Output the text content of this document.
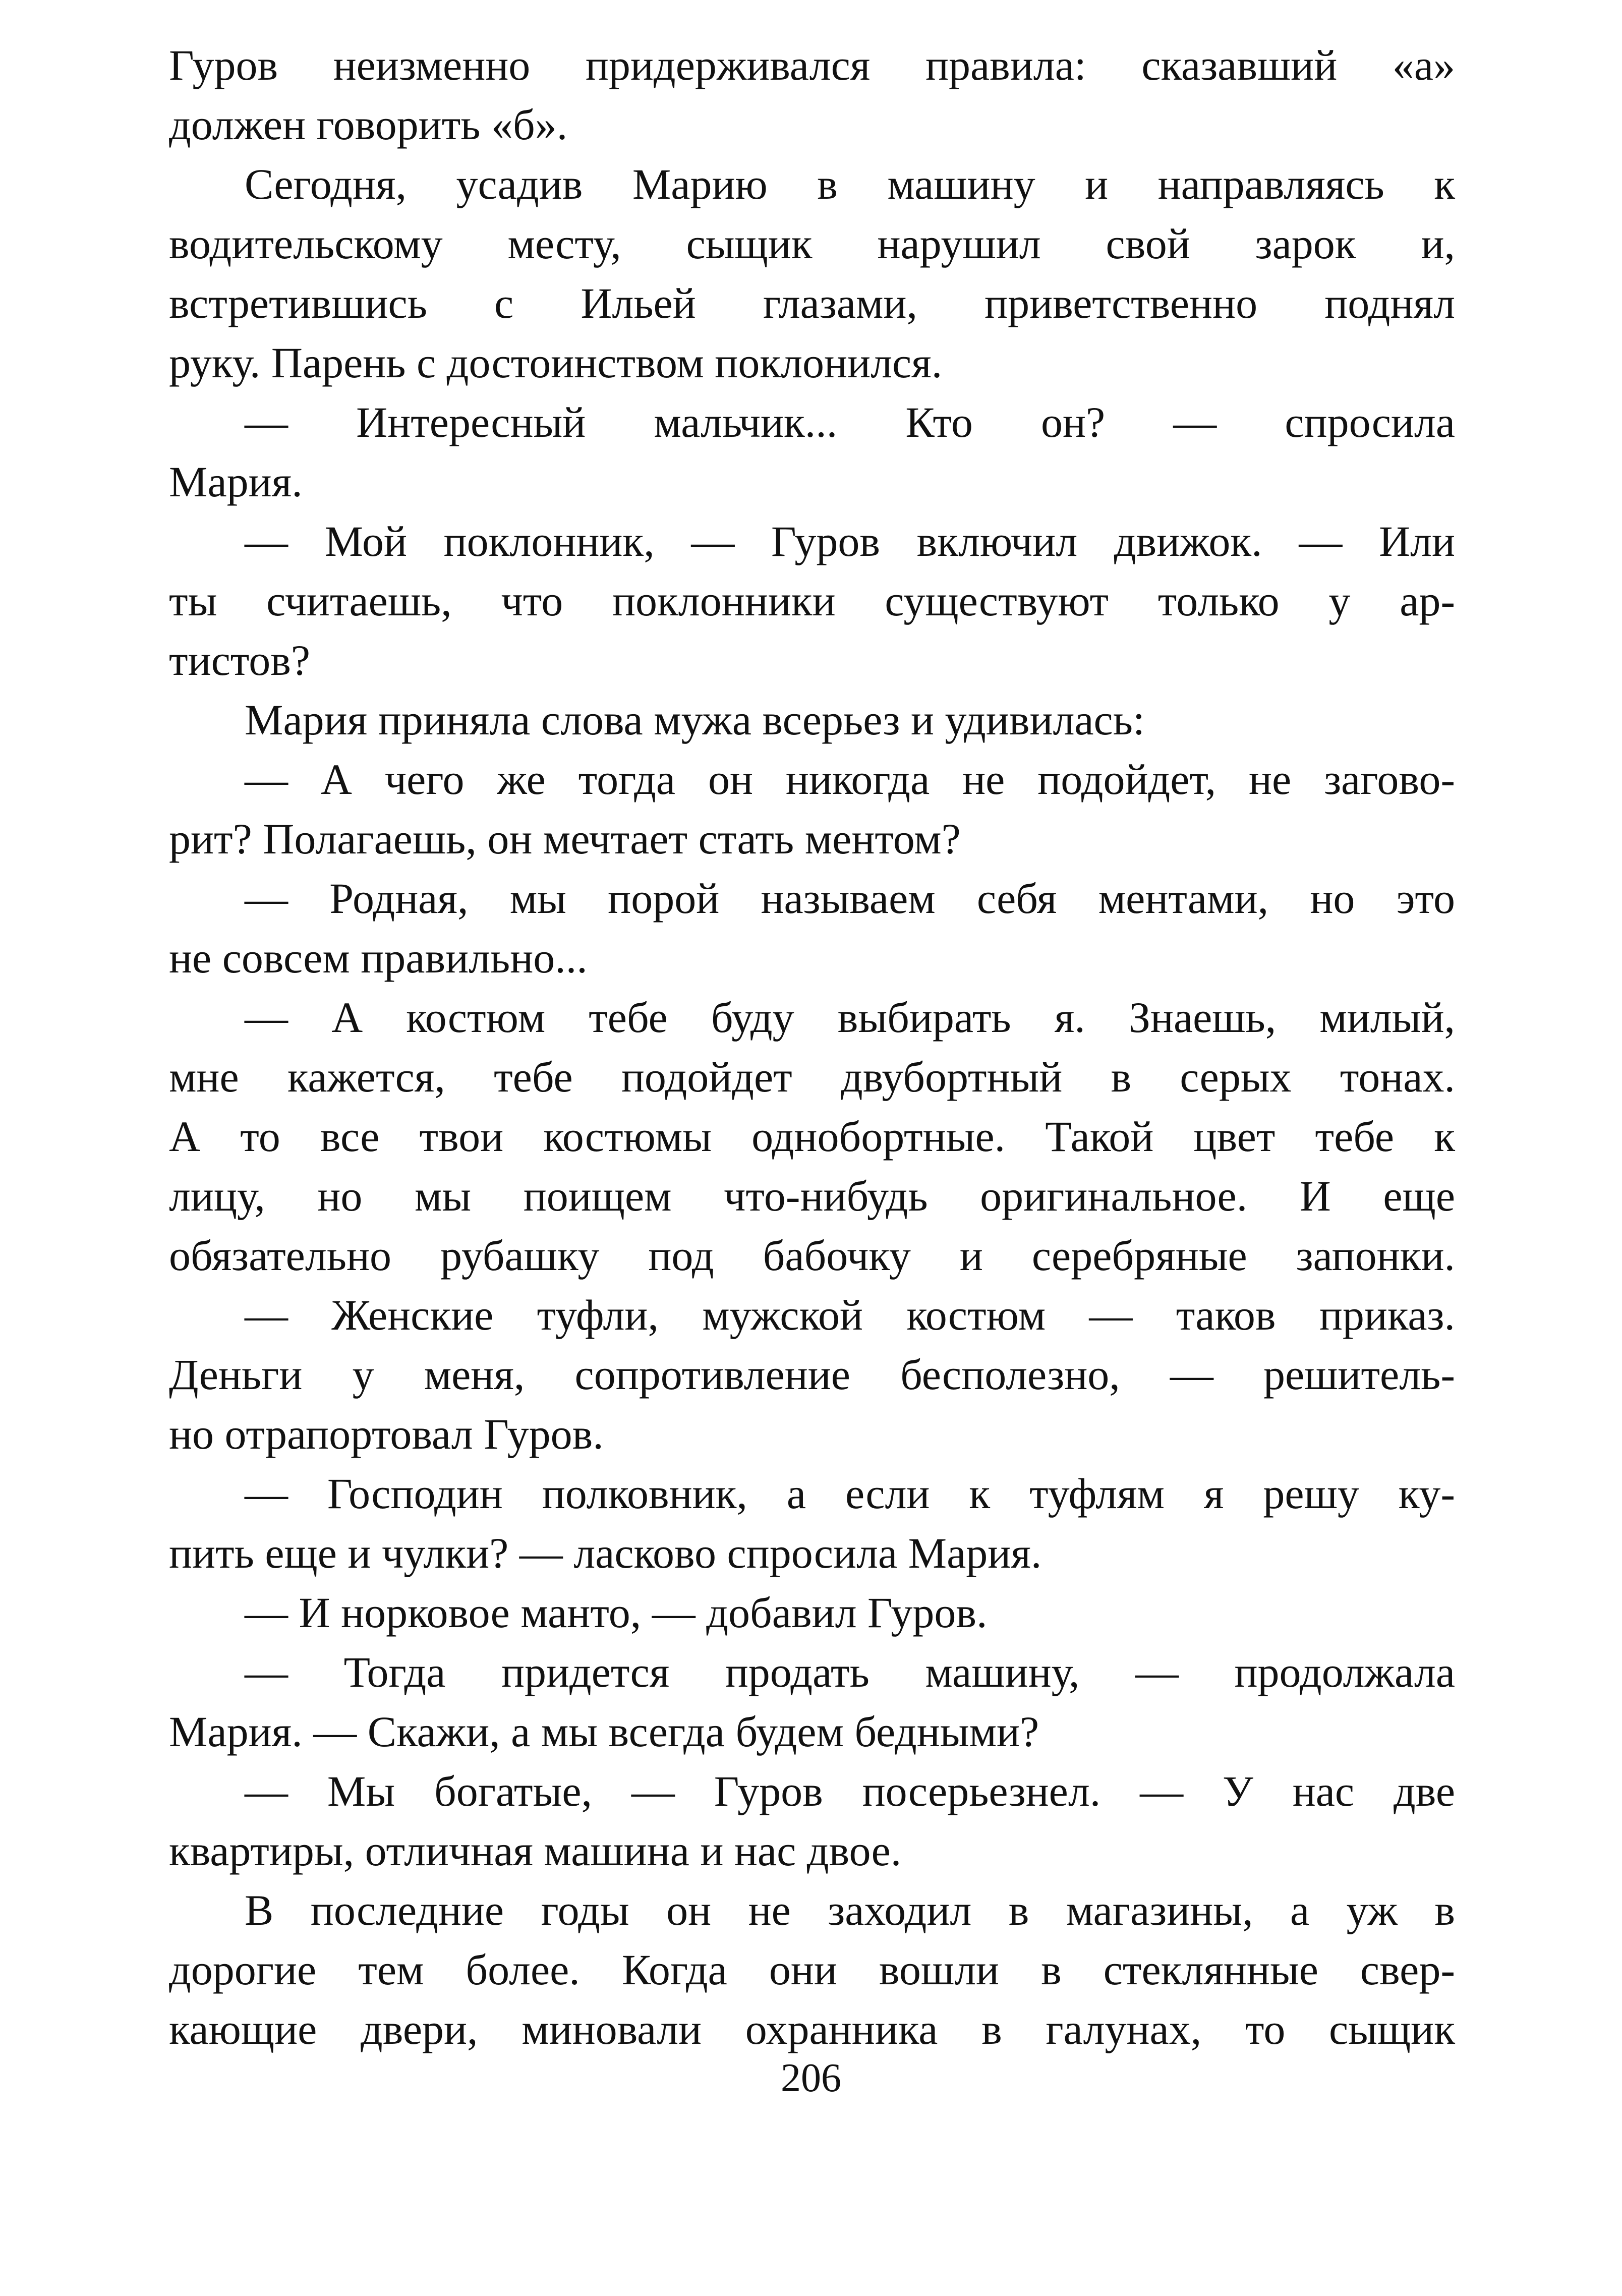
Гуров неизменно придерживался правила: сказавший «а»
должен говорить «б».
Сегодня, усадив Марию в машину и направляясь к
водительскому месту, сыщик нарушил свой зарок и,
встретившись с Ильей глазами, приветственно поднял
руку. Парень с достоинством поклонился.
— Интересный мальчик... Кто он? — спросила
Мария.
— Мой поклонник, — Гуров включил движок. — Или
ты считаешь, что поклонники существуют только у ар-
тистов?
Мария приняла слова мужа всерьез и удивилась:
— А чего же тогда он никогда не подойдет, не загово-
рит? Полагаешь, он мечтает стать ментом?
— Родная, мы порой называем себя ментами, но это
не совсем правильно...
— А костюм тебе буду выбирать я. Знаешь, милый,
мне кажется, тебе подойдет двубортный в серых тонах.
А то все твои костюмы однобортные. Такой цвет тебе к
лицу, но мы поищем что-нибудь оригинальное. И еще
обязательно рубашку под бабочку и серебряные запонки.
— Женские туфли, мужской костюм — таков приказ.
Деньги у меня, сопротивление бесполезно, — решитель-
но отрапортовал Гуров.
— Господин полковник, а если к туфлям я решу ку-
пить еще и чулки? — ласково спросила Мария.
— И норковое манто, — добавил Гуров.
— Тогда придется продать машину, — продолжала
Мария. — Скажи, а мы всегда будем бедными?
— Мы богатые, — Гуров посерьезнел. — У нас две
квартиры, отличная машина и нас двое.
В последние годы он не заходил в магазины, а уж в
дорогие тем более. Когда они вошли в стеклянные свер-
кающие двери, миновали охранника в галунах, то сыщик
206
